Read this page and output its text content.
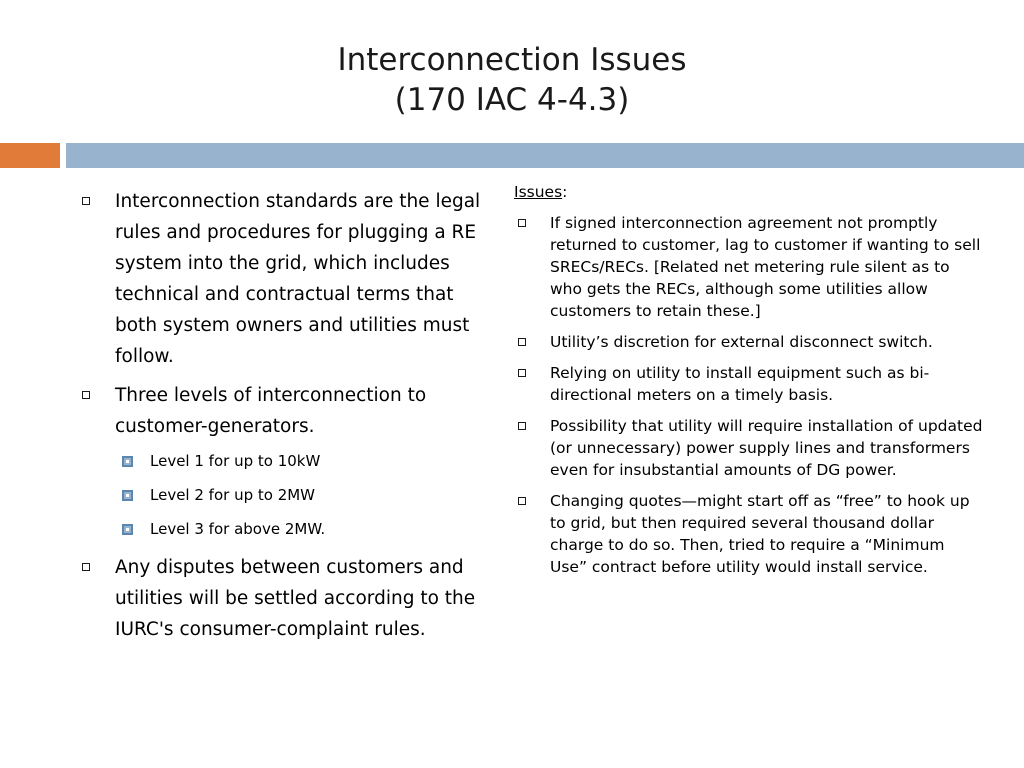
Interconnection Issues
(170 IAC 4-4.3)
Interconnection standards are the legal rules and procedures for plugging a RE system into the grid, which includes technical and contractual terms that both system owners and utilities must follow.
Three levels of interconnection to customer-generators.
Level 1 for up to 10kW
Level 2 for up to 2MW
Level 3 for above 2MW.
Any disputes between customers and utilities will be settled according to the IURC's consumer-complaint rules.
Issues:
If signed interconnection agreement not promptly returned to customer, lag to customer if wanting to sell SRECs/RECs. [Related net metering rule silent as to who gets the RECs, although some utilities allow customers to retain these.]
Utility’s discretion for external disconnect switch.
Relying on utility to install equipment such as bi-directional meters on a timely basis.
Possibility that utility will require installation of updated (or unnecessary) power supply lines and transformers even for insubstantial amounts of DG power.
Changing quotes—might start off as “free” to hook up to grid, but then required several thousand dollar charge to do so. Then, tried to require a “Minimum Use” contract before utility would install service.
